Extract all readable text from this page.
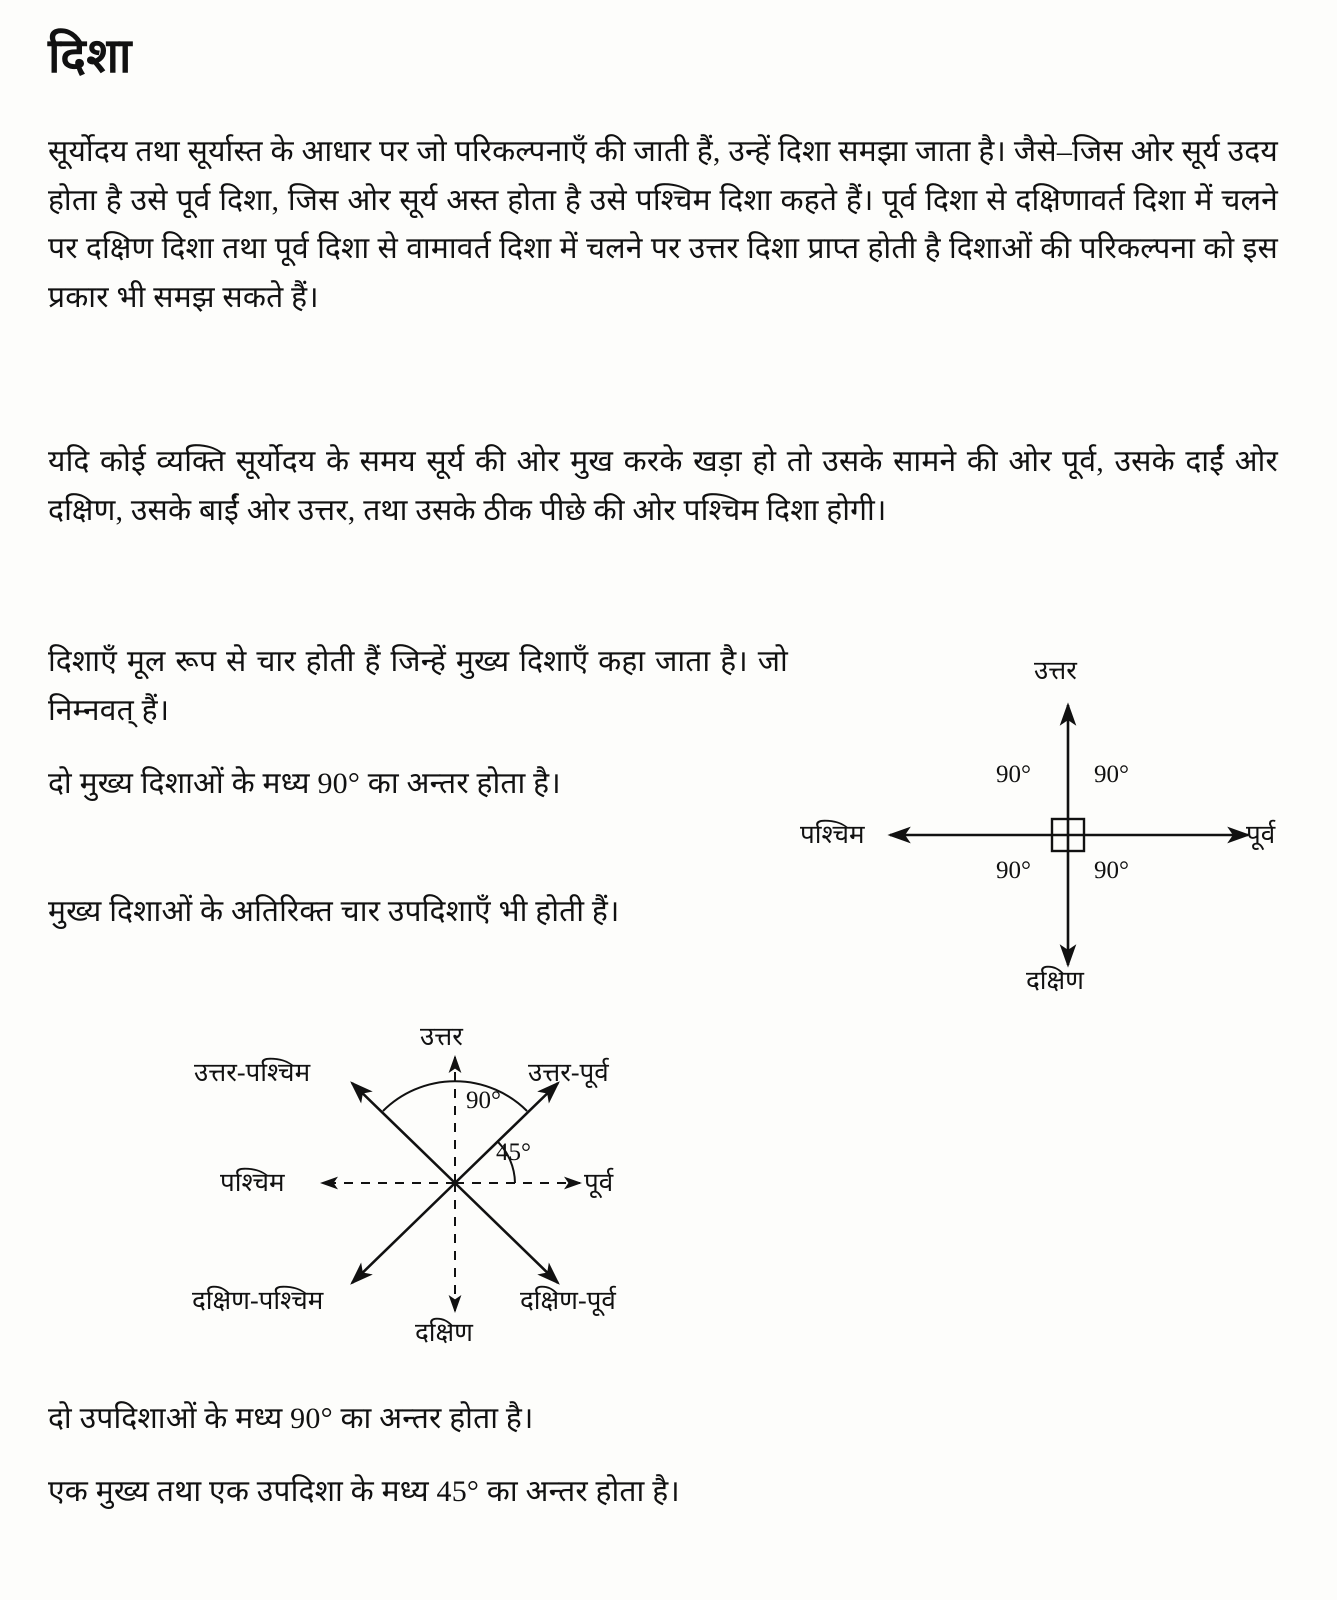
दिशा
सूर्योदय तथा सूर्यास्त के आधार पर जो परिकल्पनाएँ की जाती हैं, उन्हें दिशा समझा जाता है। जैसे–जिस ओर सूर्य उदय होता है उसे पूर्व दिशा, जिस ओर सूर्य अस्त होता है उसे पश्चिम दिशा कहते हैं। पूर्व दिशा से दक्षिणावर्त दिशा में चलने पर दक्षिण दिशा तथा पूर्व दिशा से वामावर्त दिशा में चलने पर उत्तर दिशा प्राप्त होती है दिशाओं की परिकल्पना को इस प्रकार भी समझ सकते हैं।
यदि कोई व्यक्ति सूर्योदय के समय सूर्य की ओर मुख करके खड़ा हो तो उसके सामने की ओर पूर्व, उसके दाईं ओर दक्षिण, उसके बाईं ओर उत्तर, तथा उसके ठीक पीछे की ओर पश्चिम दिशा होगी।
दिशाएँ मूल रूप से चार होती हैं जिन्हें मुख्य दिशाएँ कहा जाता है। जो निम्नवत् हैं।
दो मुख्य दिशाओं के मध्य 90° का अन्तर होता है।
मुख्य दिशाओं के अतिरिक्त चार उपदिशाएँ भी होती हैं।
उत्तर
दक्षिण
पूर्व
पश्चिम
90°	90°
90°	90°
उत्तर
दक्षिण
पूर्व
पश्चिम
उत्तर-पश्चिम	उत्तर-पूर्व
दक्षिण-पश्चिम	दक्षिण-पूर्व
90°
45°
दो उपदिशाओं के मध्य 90° का अन्तर होता है।
एक मुख्य तथा एक उपदिशा के मध्य 45° का अन्तर होता है।
